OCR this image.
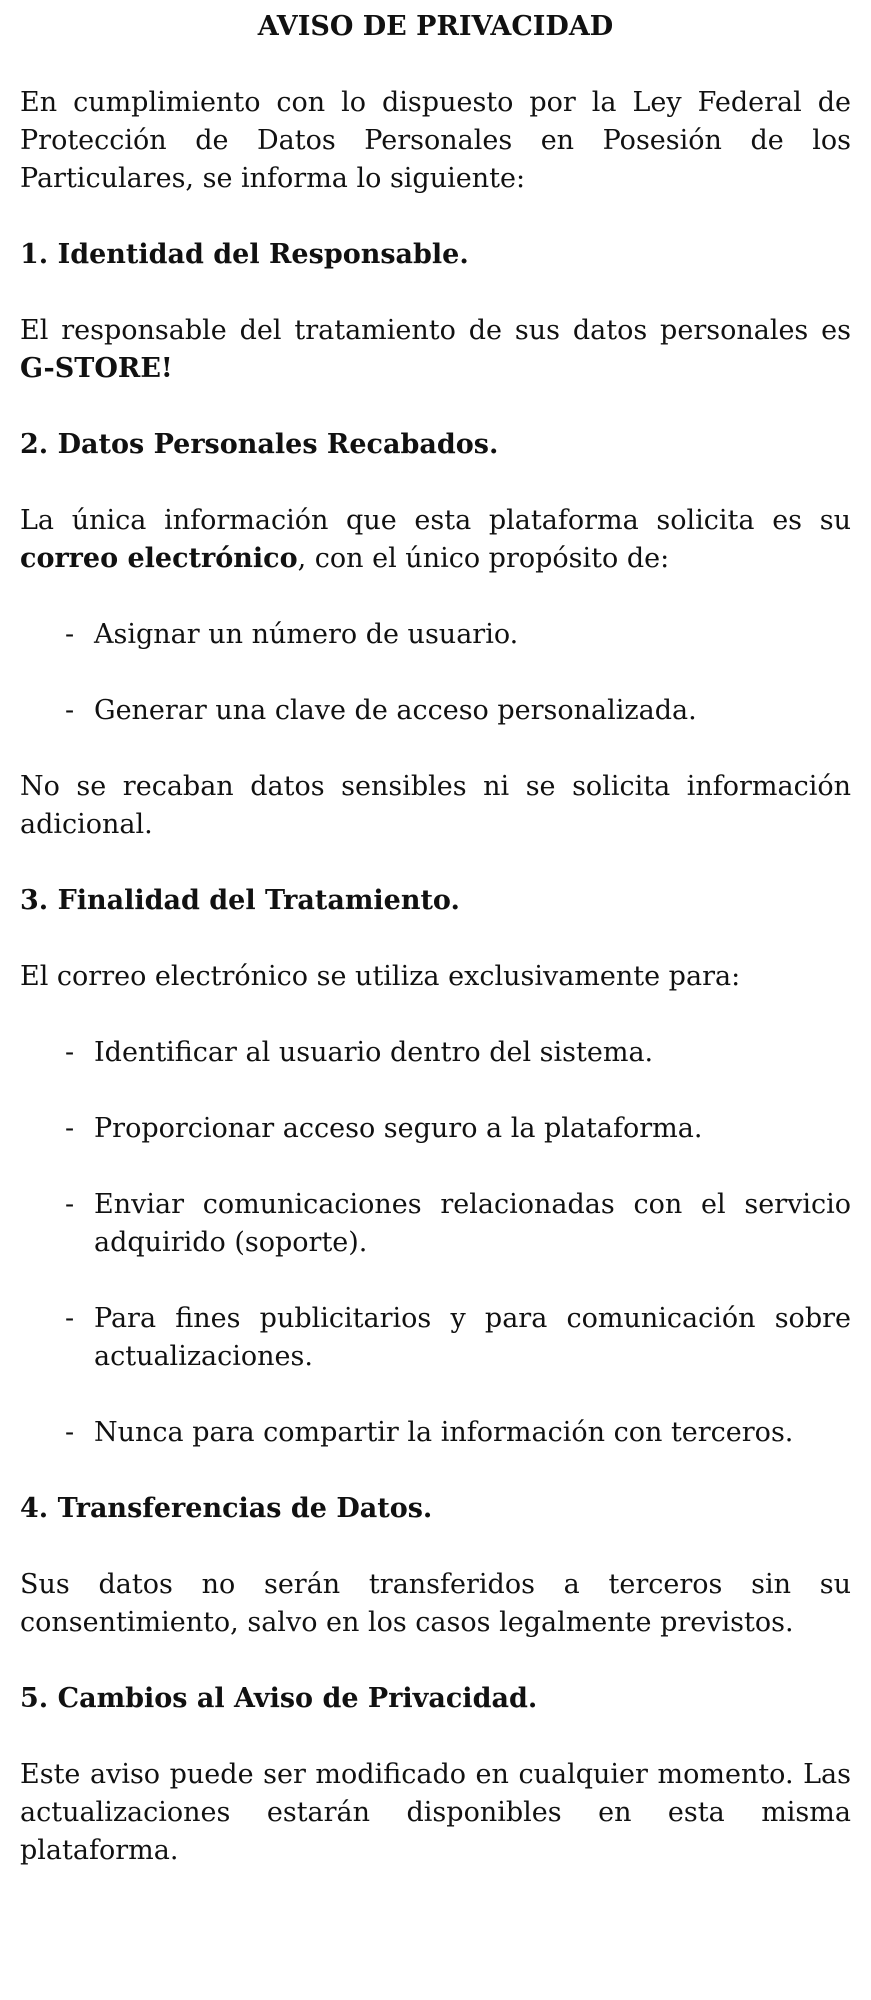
AVISO DE PRIVACIDAD

En cumplimiento con lo dispuesto por la Ley Federal de Protección de Datos Personales en Posesión de los Particulares, se informa lo siguiente:

1. Identidad del Responsable.

El responsable del tratamiento de sus datos personales es G-STORE!

2. Datos Personales Recabados.

La única información que esta plataforma solicita es su correo electrónico, con el único propósito de:

- Asignar un número de usuario.
- Generar una clave de acceso personalizada.

No se recaban datos sensibles ni se solicita información adicional.

3. Finalidad del Tratamiento.

El correo electrónico se utiliza exclusivamente para:

- Identificar al usuario dentro del sistema.
- Proporcionar acceso seguro a la plataforma.
- Enviar comunicaciones relacionadas con el servicio adquirido (soporte).
- Para fines publicitarios y para comunicación sobre actualizaciones.
- Nunca para compartir la información con terceros.
4. Transferencias de Datos.

Sus datos no serán transferidos a terceros sin su consentimiento, salvo en los casos legalmente previstos.

5. Cambios al Aviso de Privacidad.

Este aviso puede ser modificado en cualquier momento. Las actualizaciones estarán disponibles en esta misma plataforma.
